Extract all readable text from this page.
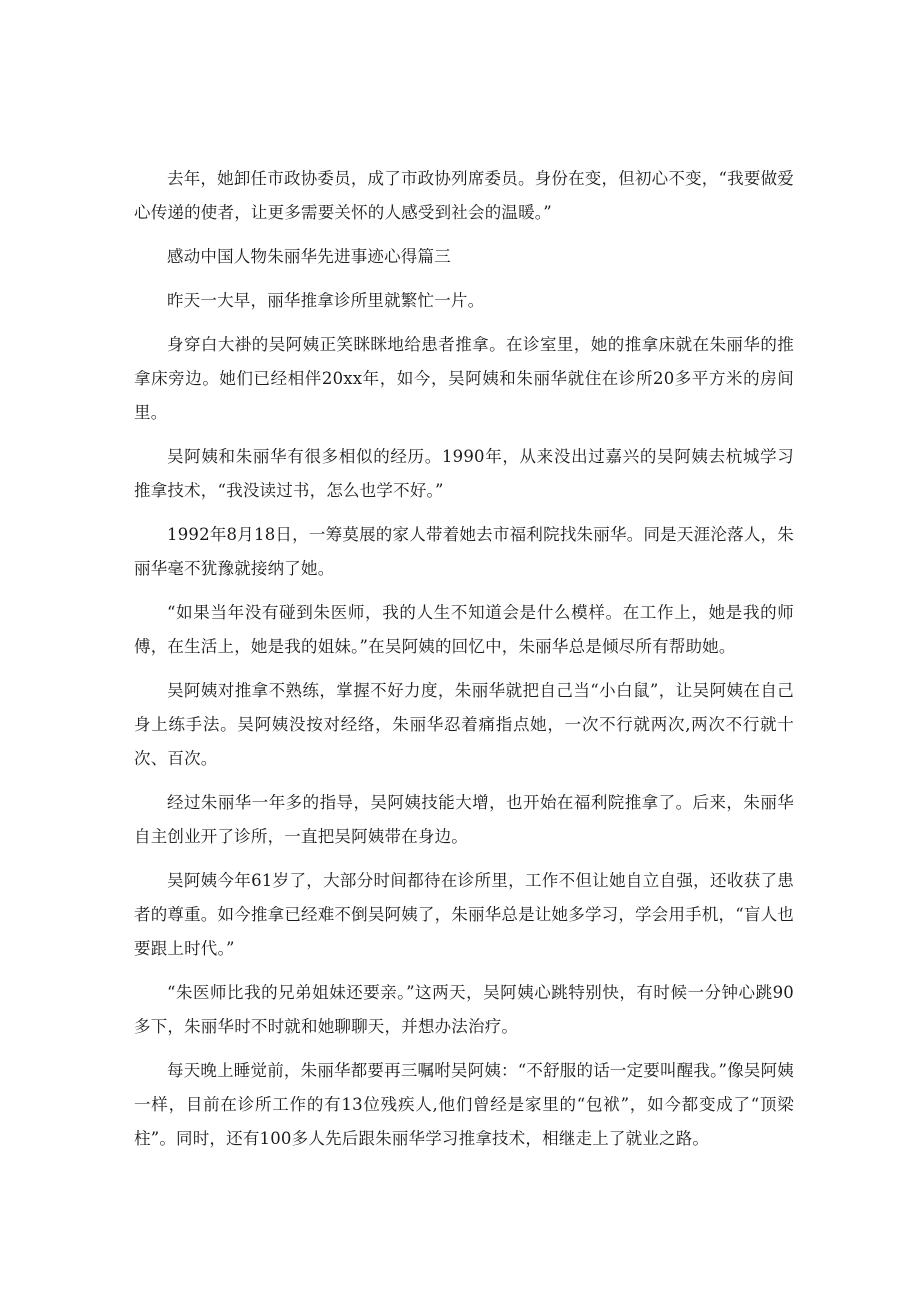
去年，她卸任市政协委员，成了市政协列席委员。身份在变，但初心不变，“我要做爱心传递的使者，让更多需要关怀的人感受到社会的温暖。”

感动中国人物朱丽华先进事迹心得篇三

昨天一大早，丽华推拿诊所里就繁忙一片。

身穿白大褂的吴阿姨正笑眯眯地给患者推拿。在诊室里，她的推拿床就在朱丽华的推拿床旁边。她们已经相伴20xx年，如今，吴阿姨和朱丽华就住在诊所20多平方米的房间里。

吴阿姨和朱丽华有很多相似的经历。1990年，从来没出过嘉兴的吴阿姨去杭城学习推拿技术，“我没读过书，怎么也学不好。”

1992年8月18日，一筹莫展的家人带着她去市福利院找朱丽华。同是天涯沦落人，朱丽华毫不犹豫就接纳了她。

“如果当年没有碰到朱医师，我的人生不知道会是什么模样。在工作上，她是我的师傅，在生活上，她是我的姐妹。”在吴阿姨的回忆中，朱丽华总是倾尽所有帮助她。

吴阿姨对推拿不熟练，掌握不好力度，朱丽华就把自己当“小白鼠”，让吴阿姨在自己身上练手法。吴阿姨没按对经络，朱丽华忍着痛指点她，一次不行就两次,两次不行就十次、百次。

经过朱丽华一年多的指导，吴阿姨技能大增，也开始在福利院推拿了。后来，朱丽华自主创业开了诊所，一直把吴阿姨带在身边。

吴阿姨今年61岁了，大部分时间都待在诊所里，工作不但让她自立自强，还收获了患者的尊重。如今推拿已经难不倒吴阿姨了，朱丽华总是让她多学习，学会用手机，“盲人也要跟上时代。”

“朱医师比我的兄弟姐妹还要亲。”这两天，吴阿姨心跳特别快，有时候一分钟心跳90多下，朱丽华时不时就和她聊聊天，并想办法治疗。

每天晚上睡觉前，朱丽华都要再三嘱咐吴阿姨：“不舒服的话一定要叫醒我。”像吴阿姨一样，目前在诊所工作的有13位残疾人,他们曾经是家里的“包袱”，如今都变成了“顶梁柱”。同时，还有100多人先后跟朱丽华学习推拿技术，相继走上了就业之路。
